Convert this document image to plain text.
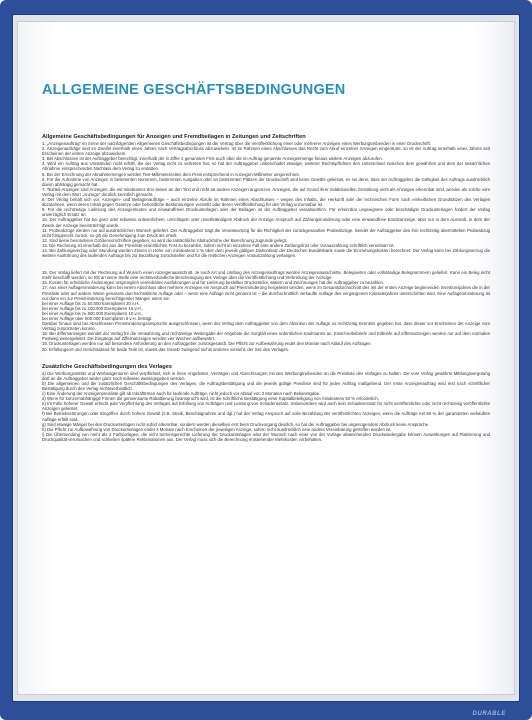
ALLGEMEINE GESCHÄFTSBEDINGUNGEN
Allgemeine Geschäftsbedingungen für Anzeigen und Fremdbeilagen in Zeitungen und Zeitschriften

1. „Anzeigenauftrag“ im Sinne der nachfolgenden Allgemeinen Geschäftsbedingungen ist der Vertrag über die Veröffentlichung einer oder mehrerer Anzeigen eines Werbungtreibenden in einer Druckschrift.

2. Anzeigenaufträge sind im Zweifel innerhalb eines Jahres nach Vertragsabschluss abzuwickeln. Ist im Rahmen eines Abschlusses das Recht zum Abruf einzelner Anzeigen eingeräumt, so ist der Auftrag innerhalb eines Jahres seit Erscheinen der ersten Anzeige abzuwickeln.

3. Bei Abschlüssen ist der Auftraggeber berechtigt, innerhalb der in Ziffer 2 genannten Frist auch über die im Auftrag genannte Anzeigenmenge hinaus weitere Anzeigen abzurufen.

4. Wird ein Auftrag aus Umständen nicht erfüllt, die der Verlag nicht zu vertreten hat, so hat der Auftraggeber unbeschadet etwaiger weiterer Rechtspflichten den Unterschied zwischen dem gewährten und dem der tatsächlichen Abnahme entsprechenden Nachlass dem Verlag zu erstatten.

5. Bei der Errechnung der Abnahmemengen werden Text-Millimeterzeilen dem Preis entsprechend in Anzeigen-Millimeter umgerechnet.

6. Für die Aufnahme von Anzeigen in bestimmten Nummern, bestimmten Ausgaben oder an bestimmten Plätzen der Druckschrift wird keine Gewähr geleistet, es sei denn, dass der Auftraggeber die Gültigkeit des Auftrags ausdrücklich davon abhängig gemacht hat.

7. Textteil-Anzeigen sind Anzeigen, die mit mindestens drei Seiten an den Text und nicht an andere Anzeigen angrenzen. Anzeigen, die auf Grund ihrer redaktionellen Gestaltung nicht als Anzeigen erkennbar sind, werden als solche vom Verlag mit dem Wort „Anzeige“ deutlich kenntlich gemacht.

8. Der Verlag behält sich vor, Anzeigen- und Beilagenaufträge – auch einzelne Abrufe im Rahmen eines Abschlusses – wegen des Inhalts, der Herkunft oder der technischen Form nach einheitlichen Grundsätzen des Verlages abzulehnen, wenn deren Inhalt gegen Gesetze oder behördliche Bestimmungen verstößt oder deren Veröffentlichung für den Verlag unzumutbar ist.

9. Für die rechtzeitige Lieferung des Anzeigentextes und einwandfreier Druckunterlagen oder der Beilagen ist der Auftraggeber verantwortlich. Für erkennbar ungeeignete oder beschädigte Druckunterlagen fordert der Verlag unverzüglich Ersatz an.

10. Der Auftraggeber hat bei ganz oder teilweise unleserlichem, unrichtigem oder unvollständigem Abdruck der Anzeige Anspruch auf Zahlungsminderung oder eine einwandfreie Ersatzanzeige, aber nur in dem Ausmaß, in dem der Zweck der Anzeige beeinträchtigt wurde.

11. Probeabzüge werden nur auf ausdrücklichen Wunsch geliefert. Der Auftraggeber trägt die Verantwortung für die Richtigkeit der zurückgesandten Probeabzüge. Sendet der Auftraggeber den ihm rechtzeitig übermittelten Probeabzug nicht fristgerecht zurück, so gilt die Genehmigung zum Druck als erteilt.

12. Sind keine besonderen Größenvorschriften gegeben, so wird die tatsächliche Abdruckhöhe der Berechnung zugrunde gelegt.

13. Die Rechnung ist innerhalb der aus der Preisliste ersichtlichen Frist zu bezahlen, sofern nicht im einzelnen Fall eine andere Zahlungsfrist oder Vorauszahlung schriftlich vereinbart ist.

14. Bei Zahlungsverzug oder Stundung werden Zinsen in Höhe von mindestens 2 % über dem jeweils gültigen Diskontsatz der Deutschen Bundesbank sowie die Einziehungskosten berechnet. Der Verlag kann bei Zahlungsverzug die weitere Ausführung des laufenden Auftrags bis zur Bezahlung zurückstellen und für die restlichen Anzeigen Vorauszahlung verlangen.

15. Der Verlag liefert mit der Rechnung auf Wunsch einen Anzeigenausschnitt. Je nach Art und Umfang des Anzeigenauftrags werden Anzeigenausschnitte, Belegseiten oder vollständige Belegnummern geliefert. Kann ein Beleg nicht mehr beschafft werden, so tritt an seine Stelle eine rechtsverbindliche Bescheinigung des Verlags über die Veröffentlichung und Verbreitung der Anzeige.

16. Kosten für erhebliche Änderungen ursprünglich vereinbarter Ausführungen und für Lieferung bestellter Druckstöcke, Matern und Zeichnungen hat der Auftraggeber zu bezahlen.

17. Aus einer Auflagenminderung kann bei einem Abschluss über mehrere Anzeigen ein Anspruch auf Preisminderung hergeleitet werden, wenn im Gesamtdurchschnitt des mit der ersten Anzeige beginnenden Insertionsjahres die in der Preisliste oder auf andere Weise genannte durchschnittliche Auflage oder – wenn eine Auflage nicht genannt ist – die durchschnittlich verkaufte Auflage des vergangenen Kalenderjahres unterschritten wird. Eine Auflagenminderung ist nur dann ein zur Preisminderung berechtigender Mangel, wenn sie

bei einer Auflage bis zu 50.000 Exemplaren 20 v.H.,

bei einer Auflage bis zu 100.000 Exemplaren 15 v.H.,

bei einer Auflage bis zu 500.000 Exemplaren 10 v.H.,

bei einer Auflage über 500.000 Exemplaren 5 v.H. beträgt.

Darüber hinaus sind bei Abschlüssen Preisminderungsansprüche ausgeschlossen, wenn der Verlag dem Auftraggeber von dem Absinken der Auflage so rechtzeitig Kenntnis gegeben hat, dass dieser vor Erscheinen der Anzeige vom Vertrag zurücktreten konnte.

18. Bei Ziffernanzeigen wendet der Verlag für die Verwahrung und rechtzeitige Weitergabe der Angebote die Sorgfalt eines ordentlichen Kaufmanns an. Einschreibebriefe und Eilbriefe auf Ziffernanzeigen werden nur auf dem normalen Postweg weitergeleitet. Die Eingänge auf Ziffernanzeigen werden vier Wochen aufbewahrt.

19. Druckunterlagen werden nur auf besondere Anforderung an den Auftraggeber zurückgesandt. Die Pflicht zur Aufbewahrung endet drei Monate nach Ablauf des Auftrages.

20. Erfüllungsort und Gerichtsstand für beide Teile ist, soweit das Gesetz zwingend nichts anderes vorsieht, der Sitz des Verlages.

Zusätzliche Geschäftsbedingungen des Verlages

a) Die Werbungsmittler und Werbeagenturen sind verpflichtet, sich in ihren Angeboten, Verträgen und Abrechnungen mit den Werbungtreibenden an die Preisliste des Verlages zu halten. Die vom Verlag gewährte Mittlungsvergütung darf an die Auftraggeber weder ganz noch teilweise weitergegeben werden.

b) Die allgemeinen und die zusätzlichen Geschäftsbedingungen des Verlages, die Auftragsbestätigung und die jeweils gültige Preisliste sind für jeden Auftrag maßgebend. Der erste Anzeigenauftrag wird erst nach schriftlicher Bestätigung durch den Verlag rechtsverbindlich.

c) Eine Änderung der Anzeigenpreisliste gilt ab Inkrafttreten auch für laufende Aufträge, nicht jedoch vor Ablauf von 3 Monaten nach Bekanntgabe.

d) Wenn für konzernabhängige Firmen die gemeinsame Rabattierung beansprucht wird, ist die schriftliche Bestätigung einer Kapitalbeteiligung von mindestens 50 % erforderlich.

e) Im Falle höherer Gewalt erlischt jede Verpflichtung des Verlages auf Erfüllung von Aufträgen und Leistung von Schadenersatz. Insbesondere wird auch kein Schadenersatz für nicht veröffentlichte oder nicht rechtzeitig veröffentlichte Anzeigen geleistet.

f) Bei Betriebsstörungen oder Eingriffen durch höhere Gewalt (z.B. Streik, Beschlagnahme und dgl.) hat der Verlag Anspruch auf volle Bezahlung der veröffentlichten Anzeigen, wenn die Aufträge mit 80 % der garantierten verkauften Auflage erfüllt sind.

g) Sind etwaige Mängel bei den Druckunterlagen nicht sofort erkennbar, sondern werden dieselben erst beim Druckvorgang deutlich, so hat der Auftraggeber bei ungenügendem Abdruck keine Ansprüche.

h) Die Pflicht zur Aufbewahrung von Druckunterlagen endet 3 Monate nach Erscheinen der jeweiligen Anzeige, sofern nicht ausdrücklich eine andere Vereinbarung getroffen worden ist.

i) Die Übersendung von mehr als 2 Farbvorlagen, die nicht terminsgerechte Lieferung der Druckunterlagen oder der Wunsch nach einer von der Vorlage abweichenden Druckwiedergabe können Auswirkungen auf Platzierung und Druckqualität verursachen und schließen spätere Reklamationen aus. Der Verlag muss sich die Berechnung entstehender Mehrkosten vorbehalten.

DURABLE
